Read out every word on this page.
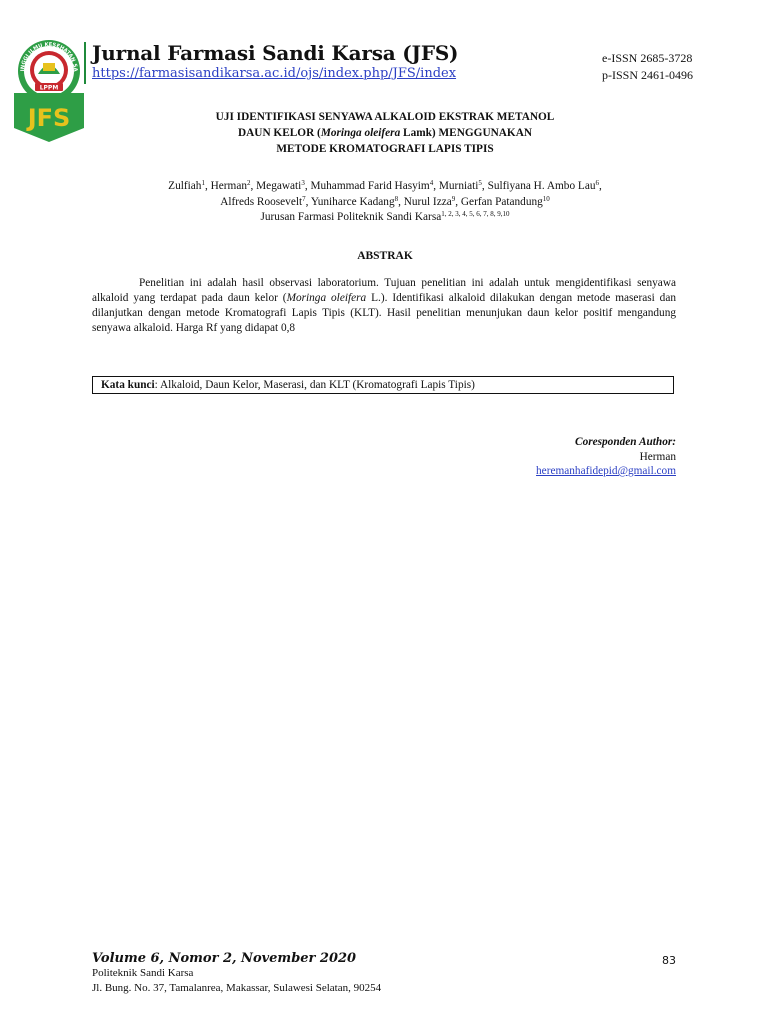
INGGI ILMU KESEHATAN SA
LPPM
JFS
Jurnal Farmasi Sandi Karsa (JFS)
https://farmasisandikarsa.ac.id/ojs/index.php/JFS/index
e-ISSN 2685-3728
p-ISSN 2461-0496
UJI IDENTIFIKASI SENYAWA ALKALOID EKSTRAK METANOL
DAUN KELOR (Moringa oleifera Lamk) MENGGUNAKAN
METODE KROMATOGRAFI LAPIS TIPIS
Zulfiah$^1$, Herman$^2$, Megawati$^3$, Muhammad Farid Hasyim$^4$, Murniati$^5$, Sulfiyana H. Ambo Lau$^6$,
Alfreds Roosevelt$^7$, Yuniharce Kadang$^8$, Nurul Izza$^9$, Gerfan Patandung$^{10}$
Jurusan Farmasi Politeknik Sandi Karsa$^{1, 2, 3, 4, 5, 6, 7, 8, 9,10}$
ABSTRAK
Penelitian ini adalah hasil observasi laboratorium. Tujuan penelitian ini adalah untuk mengidentifikasi senyawa alkaloid yang terdapat pada daun kelor (Moringa oleifera L.). Identifikasi alkaloid dilakukan dengan metode maserasi dan dilanjutkan dengan metode Kromatografi Lapis Tipis (KLT). Hasil penelitian menunjukan daun kelor positif mengandung senyawa alkaloid. Harga Rf yang didapat 0,8
Kata kunci: Alkaloid, Daun Kelor, Maserasi, dan KLT (Kromatografi Lapis Tipis)
Coresponden Author:
Herman
heremanhafidepid@gmail.com
Volume 6, Nomor 2, November 2020	83
Politeknik Sandi Karsa
Jl. Bung. No. 37, Tamalanrea, Makassar, Sulawesi Selatan, 90254
